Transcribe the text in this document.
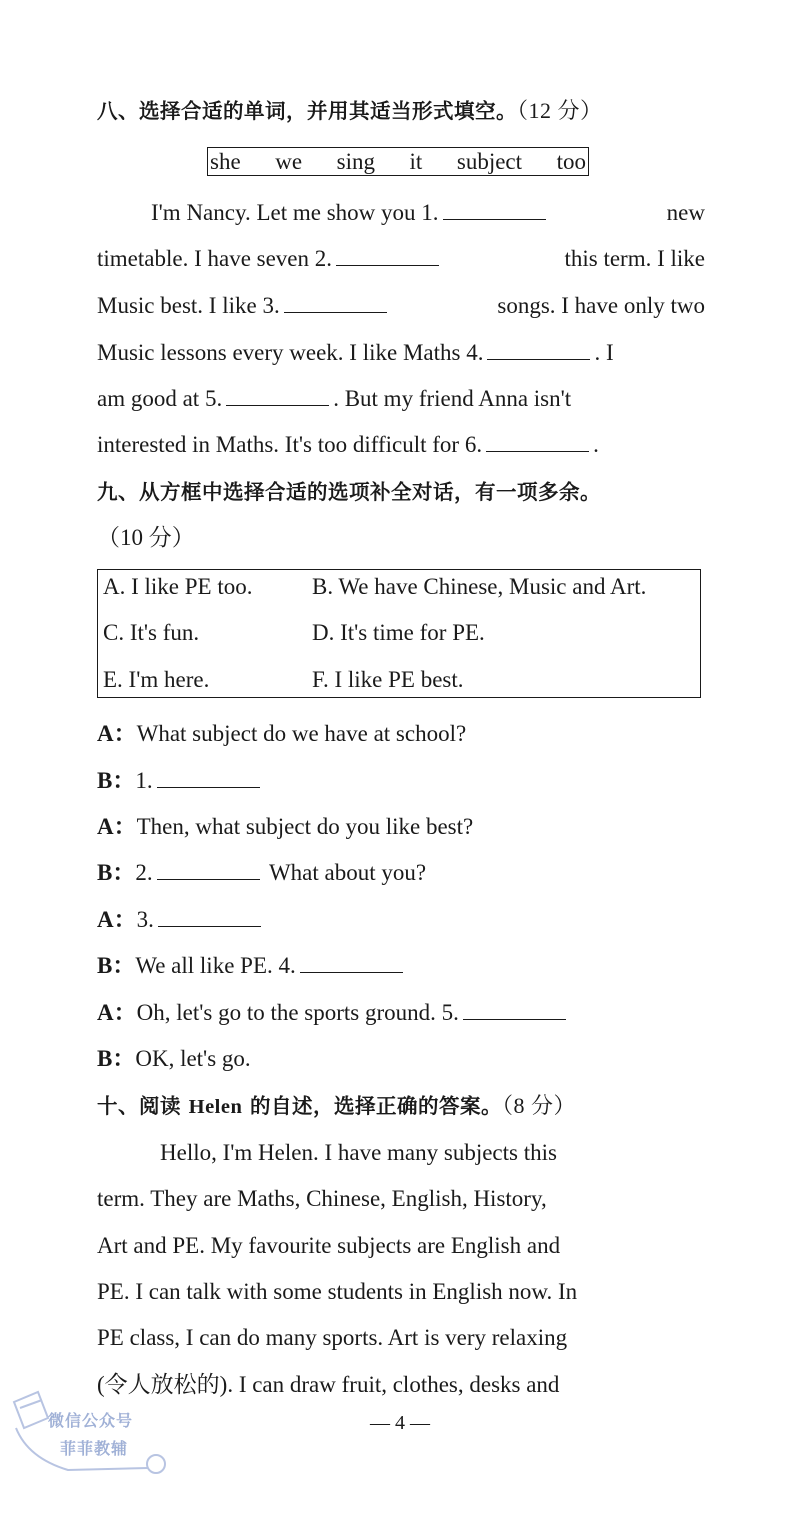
八、选择合适的单词，并用其适当形式填空。（12 分）
she we sing it subject too
I'm Nancy. Let me show you 1.	new
timetable. I have seven 2.	this term. I like
Music best. I like 3.	songs. I have only two
Music lessons every week. I like Maths 4.	. I
am good at 5.	. But my friend Anna isn't
interested in Maths. It's too difficult for 6.	.
九、从方框中选择合适的选项补全对话，有一项多余。
（10 分）
A. I like PE too.	B. We have Chinese, Music and Art.
C. It's fun.	D. It's time for PE.
E. I'm here.	F. I like PE best.
A：What subject do we have at school?
B：1.
A：Then, what subject do you like best?
B：2.	What about you?
A：3.
B：We all like PE. 4.
A：Oh, let's go to the sports ground. 5.
B：OK, let's go.
十、阅读 Helen 的自述，选择正确的答案。（8 分）
Hello, I'm Helen. I have many subjects this
term. They are Maths, Chinese, English, History,
Art and PE. My favourite subjects are English and
PE. I can talk with some students in English now. In
PE class, I can do many sports. Art is very relaxing
(令人放松的). I can draw fruit, clothes, desks and
— 4 —
微信公众号
菲菲教辅
